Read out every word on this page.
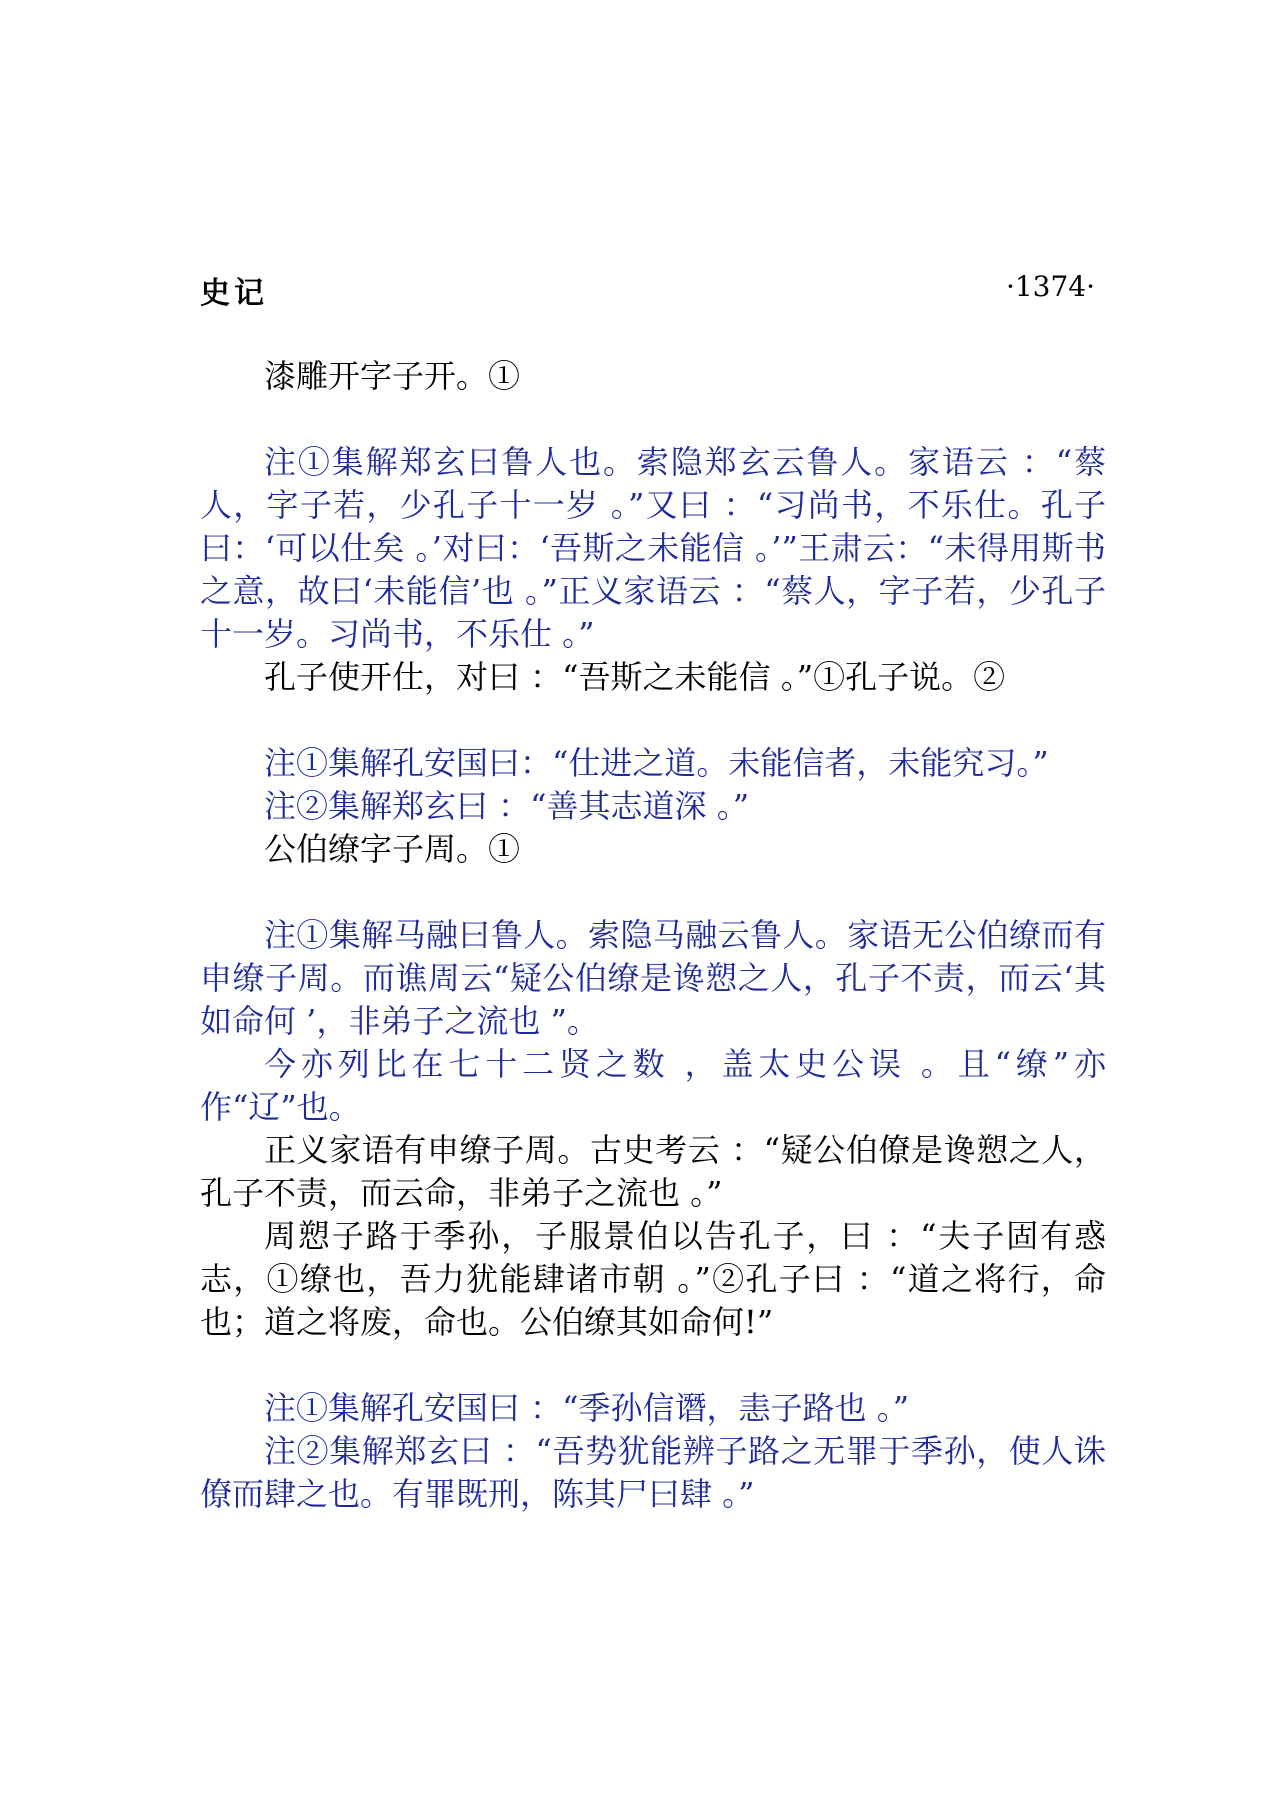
史记	·1374·

漆雕开字子开。①

注①集解郑玄曰鲁人也。索隐郑玄云鲁人。家语云 ：“蔡人，字子若，少孔子十一岁 。”又曰 ：“习尚书，不乐仕。孔子曰：‘可以仕矣 。’对曰：‘吾斯之未能信 。’”王肃云：“未得用斯书之意，故曰‘未能信’也 。”正义家语云 ：“蔡人，字子若，少孔子十一岁。习尚书，不乐仕 。”

孔子使开仕，对曰 ：“吾斯之未能信 。”①孔子说。②

注①集解孔安国曰：“仕进之道。未能信者，未能究习。”

注②集解郑玄曰 ：“善其志道深 。”

公伯缭字子周。①

注①集解马融曰鲁人。索隐马融云鲁人。家语无公伯缭而有申缭子周。而谯周云“疑公伯缭是谗愬之人，孔子不责，而云‘其如命何 ’，非弟子之流也 ”。

今亦列比在七十二贤之数 ，盖太史公误 。且“缭”亦作“辽”也。

正义家语有申缭子周。古史考云 ：“疑公伯僚是谗愬之人，孔子不责，而云命，非弟子之流也 。”

周愬子路于季孙，子服景伯以告孔子，曰 ：“夫子固有惑志，①缭也，吾力犹能肆诸市朝 。”②孔子曰 ：“道之将行，命也；道之将废，命也。公伯缭其如命何!”

注①集解孔安国曰 ：“季孙信谮，恚子路也 。”

注②集解郑玄曰 ：“吾势犹能辨子路之无罪于季孙，使人诛僚而肆之也。有罪既刑，陈其尸曰肆 。”
